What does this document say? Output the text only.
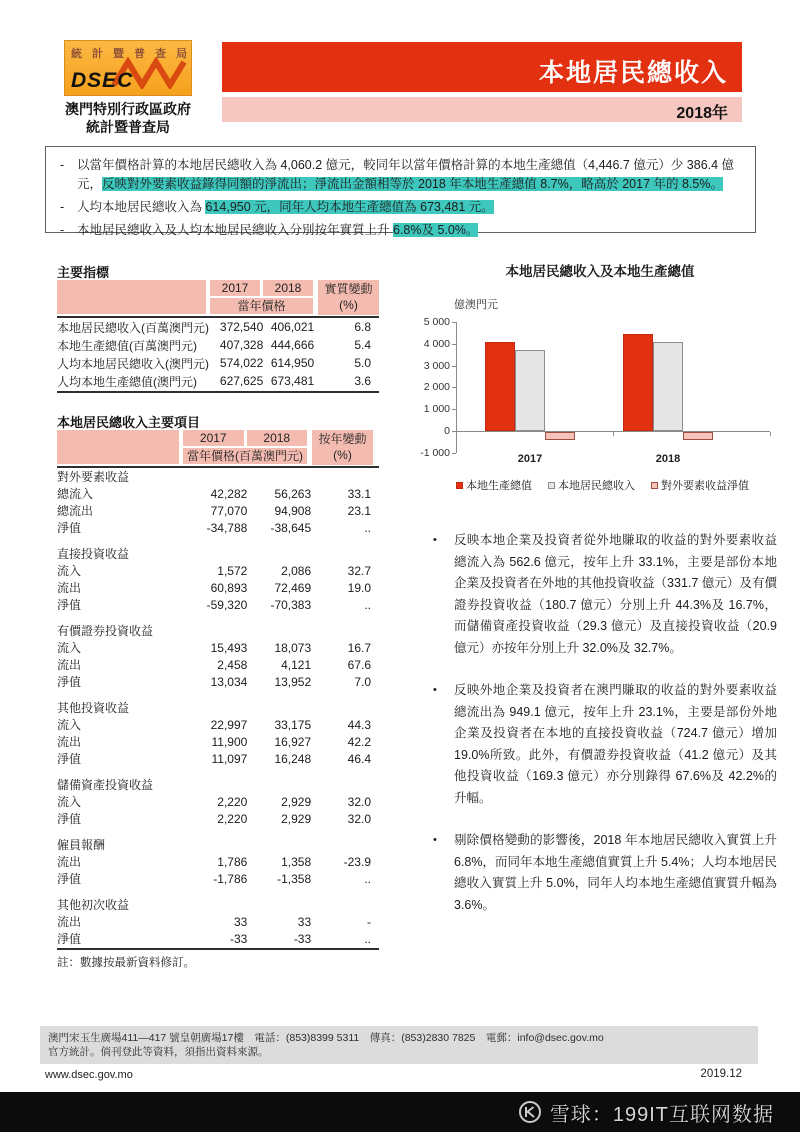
統 計 暨 普 查 局
DSEC
澳門特別行政區政府
統計暨普查局
本地居民總收入
2018年
-	以當年價格計算的本地居民總收入為 4,060.2 億元，較同年以當年價格計算的本地生產總值（4,446.7 億元）少 386.4 億元，反映對外要素收益錄得同額的淨流出；淨流出金額相等於 2018 年本地生產總值 8.7%，略高於 2017 年的 8.5%。
-	人均本地居民總收入為 614,950 元，同年人均本地生產總值為 673,481 元。
-	本地居民總收入及人均本地居民總收入分別按年實質上升 6.8%及 5.0%。
主要指標
2017	2018
當年價格
實質變動
(%)
本地居民總收入(百萬澳門元)	372,540	406,021	6.8
本地生產總值(百萬澳門元)	407,328	444,666	5.4
人均本地居民總收入(澳門元)	574,022	614,950	5.0
人均本地生產總值(澳門元)	627,625	673,481	3.6
本地居民總收入主要項目
2017	2018
當年價格(百萬澳門元)
按年變動
(%)
對外要素收益			
總流入	42,282	56,263	33.1
總流出	77,070	94,908	23.1
淨值	-34,788	-38,645	..
直接投資收益			
流入	1,572	2,086	32.7
流出	60,893	72,469	19.0
淨值	-59,320	-70,383	..
有價證券投資收益			
流入	15,493	18,073	16.7
流出	2,458	4,121	67.6
淨值	13,034	13,952	7.0
其他投資收益			
流入	22,997	33,175	44.3
流出	11,900	16,927	42.2
淨值	11,097	16,248	46.4
儲備資產投資收益			
流入	2,220	2,929	32.0
淨值	2,220	2,929	32.0
僱員報酬			
流出	1,786	1,358	-23.9
淨值	-1,786	-1,358	..
其他初次收益			
流出	33	33	-
淨值	-33	-33	..
註：數據按最新資料修訂。
本地居民總收入及本地生產總值
億澳門元
5 000
4 000
3 000
2 000
1 000
0
-1 000
2017	2018
本地生產總值 本地居民總收入 對外要素收益淨值
•	反映本地企業及投資者從外地賺取的收益的對外要素收益總流入為 562.6 億元，按年上升 33.1%，主要是部份本地企業及投資者在外地的其他投資收益（331.7 億元）及有價證券投資收益（180.7 億元）分別上升 44.3%及 16.7%，而儲備資產投資收益（29.3 億元）及直接投資收益（20.9 億元）亦按年分別上升 32.0%及 32.7%。
•	反映外地企業及投資者在澳門賺取的收益的對外要素收益總流出為 949.1 億元，按年上升 23.1%，主要是部份外地企業及投資者在本地的直接投資收益（724.7 億元）增加 19.0%所致。此外，有價證券投資收益（41.2 億元）及其他投資收益（169.3 億元）亦分別錄得 67.6%及 42.2%的升幅。
•	剔除價格變動的影響後，2018 年本地居民總收入實質上升 6.8%，而同年本地生產總值實質上升 5.4%；人均本地居民總收入實質上升 5.0%，同年人均本地生產總值實質升幅為 3.6%。
澳門宋玉生廣場411—417 號皇朝廣場17樓　電話：(853)8399 5311　傳真：(853)2830 7825　電郵：info@dsec.gov.mo
官方統計。倘刊登此等資料，須指出資料來源。
www.dsec.gov.mo	2019.12
雪球：199IT互联网数据
